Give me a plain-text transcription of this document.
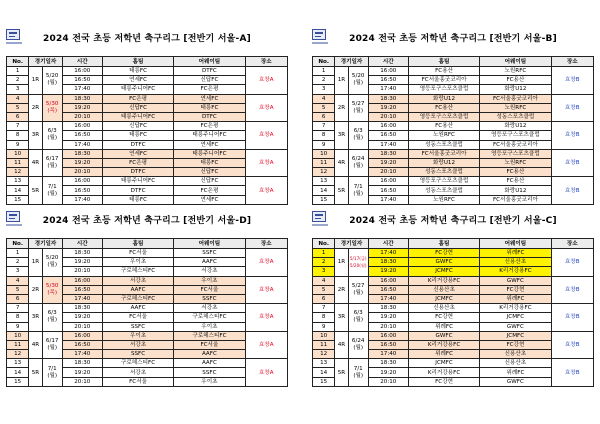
2024 전국 초등 저학년 축구리그 [전반기 서울-A]
No.	경기일자		시간	홈팀	어웨이팀	장소
1	1R	5/20
(월)	16:00	태릉FC	DTFC	효창A
2			16:50	연세FC	신답FC	
3			17:40	태릉주니어FC	FC은평	
4	2R	5/30
(목)	18:30	FC은평	연세FC	효창A
5			19:20	신답FC	태릉FC	
6			20:10	태릉주니어FC	DTFC	
7	3R	6/3
(월)	16:00	신답FC	FC은평	효창A
8			16:50	태릉FC	태릉주니어FC	
9			17:40	DTFC	연세FC	
10	4R	6/17
(월)	18:30	연세FC	태릉주니어FC	효창A
11			19:20	FC은평	태릉FC	
12			20:10	DTFC	신답FC	
13	5R	7/1
(월)	16:00	태릉주니어FC	신답FC	효창A
14			16:50	DTFC	FC은평	
15			17:40	태릉FC	연세FC	
2024 전국 초등 저학년 축구리그 [전반기 서울-B]
No.	경기일자		시간	홈팀	어웨이팀	장소
1	1R	5/20
(월)	16:00	FC용산	노원RFC	효창B
2			16:50	FC서울홍굿코리아	FC용산	
3			17:40	영등포구스포츠클럽	화랑U12	
4	2R	5/27
(월)	18:30	화랑U12	FC서울홍굿코리아	효창B
5			19:20	FC용산	노원RFC	
6			20:10	영등포구스포츠클럽	성동스포츠클럽	
7	3R	6/3
(월)	16:00	FC용산	화랑U12	효창B
8			16:50	노원RFC	영등포구스포츠클럽	
9			17:40	성동스포츠클럽	FC서울홍굿코리아	
10	4R	6/24
(월)	18:30	FC서울홍굿코리아	영등포구스포츠클럽	효창B
11			19:20	화랑U12	노원RFC	
12			20:10	성동스포츠클럽	FC용산	
13	5R	7/1
(월)	16:00	영등포구스포츠클럽	FC용산	효창B
14			16:50	성동스포츠클럽	화랑U12	
15			17:40	노원RFC	FC서울홍굿코리아	
2024 전국 초등 저학년 축구리그 [전반기 서울-D]
No.	경기일자		시간	홈팀	어웨이팀	장소
1	1R	5/20
(월)	18:30	FC서울	SSFC	효창A
2			19:20	우이초	AAFC	
3			20:10	구로헤스티FC	서강초	
4	2R	5/30
(목)	16:00	서강초	우이초	효창A
5			16:50	AAFC	FC서울	
6			17:40	구로헤스티FC	SSFC	
7	3R	6/3
(월)	18:30	AAFC	서강초	효창A
8			19:20	FC서울	구로헤스티FC	
9			20:10	SSFC	우이초	
10	4R	6/17
(월)	16:00	우이초	구로헤스티FC	효창A
11			16:50	서강초	FC서울	
12			17:40	SSFC	AAFC	
13	5R	7/1
(월)	18:30	구로헤스티FC	AAFC	효창A
14			19:20	서강초	SSFC	
15			20:10	FC서울	우이초	
2024 전국 초등 저학년 축구리그 [전반기 서울-C]
No.	경기일자		시간	홈팀	어웨이팀	장소
1	1R	5/17(금)
5/20(월)	17:40	FC강현	위례FC	효창B
2			18:30	GWFC	신용산초	
3			19:20	JCMFC	K리거강용FC	
4	2R	5/27
(월)	16:00	K리거강용FC	GWFC	효창B
5			16:50	신용산초	FC강현	
6			17:40	JCMFC	위례FC	
7	3R	6/3
(월)	18:30	신용산초	K리거강용FC	효창B
8			19:20	FC강현	JCMFC	
9			20:10	위례FC	GWFC	
10	4R	6/24
(월)	16:00	GWFC	JCMFC	효창B
11			16:50	K리거강용FC	FC강현	
12			17:40	위례FC	신용산초	
13	5R	7/1
(월)	18:30	JCMFC	신용산초	효창B
14			19:20	K리거강용FC	위례FC	
15			20:10	FC강현	GWFC	
